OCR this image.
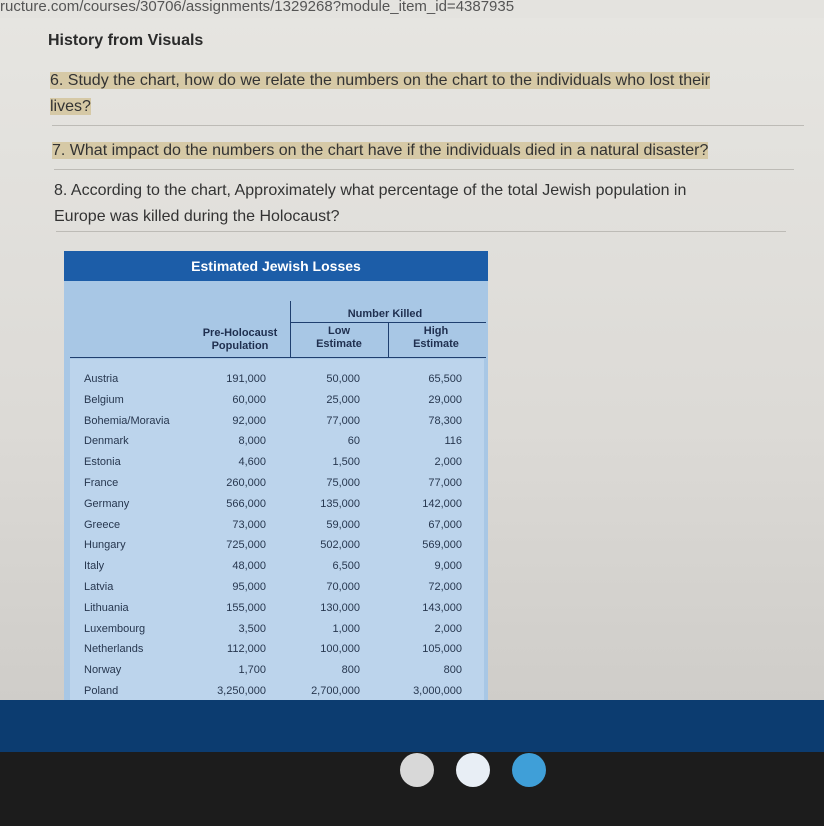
ructure.com/courses/30706/assignments/1329268?module_item_id=4387935
History from Visuals
6. Study the chart, how do we relate the numbers on the chart to the individuals who lost their
lives?
7. What impact do the numbers on the chart have if the individuals died in a natural disaster?
8. According to the chart, Approximately what percentage of the total Jewish population in
Europe was killed during the Holocaust?
Estimated Jewish Losses
Number Killed
Pre-Holocaust
Population
Low
Estimate
High
Estimate
Austria	191,000	50,000	65,500
Belgium	60,000	25,000	29,000
Bohemia/Moravia	92,000	77,000	78,300
Denmark	8,000	60	116
Estonia	4,600	1,500	2,000
France	260,000	75,000	77,000
Germany	566,000	135,000	142,000
Greece	73,000	59,000	67,000
Hungary	725,000	502,000	569,000
Italy	48,000	6,500	9,000
Latvia	95,000	70,000	72,000
Lithuania	155,000	130,000	143,000
Luxembourg	3,500	1,000	2,000
Netherlands	112,000	100,000	105,000
Norway	1,700	800	800
Poland	3,250,000	2,700,000	3,000,000
